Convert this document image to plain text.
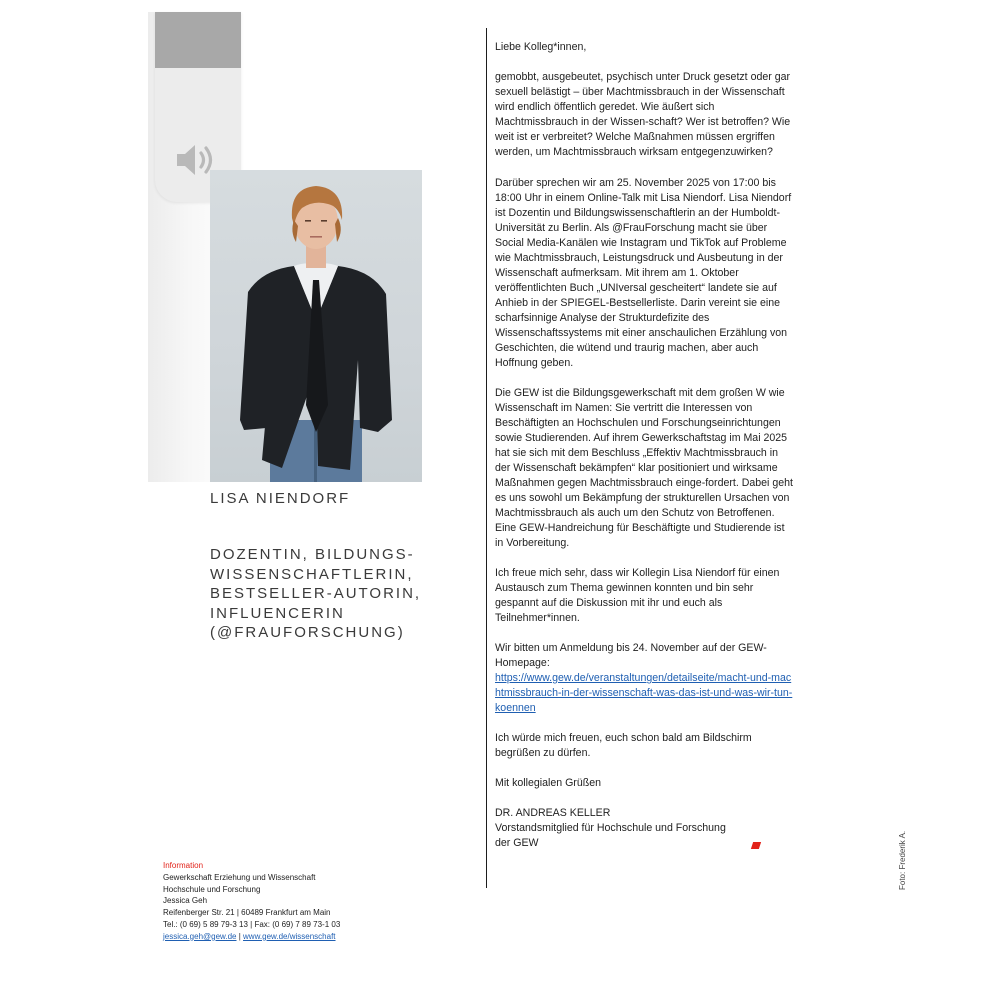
Foto: Frederik A.
LISA NIENDORF
DOZENTIN, BILDUNGS-
WISSENSCHAFTLERIN,
BESTSELLER-AUTORIN,
INFLUENCERIN
(@FRAUFORSCHUNG)

Liebe Kolleg*innen,

gemobbt, ausgebeutet, psychisch unter Druck gesetzt oder gar sexuell belästigt – über Machtmissbrauch in der Wissenschaft wird endlich öffentlich geredet. Wie äußert sich Machtmissbrauch in der Wissen-schaft? Wer ist betroffen? Wie weit ist er verbreitet? Welche Maßnahmen müssen ergriffen werden, um Machtmissbrauch wirksam entgegenzuwirken?

Darüber sprechen wir am 25. November 2025 von 17:00 bis 18:00 Uhr in einem Online-Talk mit Lisa Niendorf. Lisa Niendorf ist Dozentin und Bildungswissenschaftlerin an der Humboldt-Universität zu Berlin. Als @FrauForschung macht sie über Social Media-Kanälen wie Instagram und TikTok auf Probleme wie Machtmissbrauch, Leistungsdruck und Ausbeutung in der Wissenschaft aufmerksam. Mit ihrem am 1. Oktober veröffentlichten Buch „UNIversal gescheitert“ landete sie auf Anhieb in der SPIEGEL-Bestsellerliste. Darin vereint sie eine scharfsinnige Analyse der Strukturdefizite des Wissenschaftssystems mit einer anschaulichen Erzählung von Geschichten, die wütend und traurig machen, aber auch Hoffnung geben.

Die GEW ist die Bildungsgewerkschaft mit dem großen W wie Wissenschaft im Namen: Sie vertritt die Interessen von Beschäftigten an Hochschulen und Forschungseinrichtungen sowie Studierenden. Auf ihrem Gewerkschaftstag im Mai 2025 hat sie sich mit dem Beschluss „Effektiv Machtmissbrauch in der Wissenschaft bekämpfen“ klar positioniert und wirksame Maßnahmen gegen Machtmissbrauch einge-fordert. Dabei geht es uns sowohl um Bekämpfung der strukturellen Ursachen von Machtmissbrauch als auch um den Schutz von Betroffenen. Eine GEW-Handreichung für Beschäftigte und Studierende ist in Vorbereitung.

Ich freue mich sehr, dass wir Kollegin Lisa Niendorf für einen Austausch zum Thema gewinnen konnten und bin sehr gespannt auf die Diskussion mit ihr und euch als Teilnehmer*innen.

Wir bitten um Anmeldung bis 24. November auf der GEW-Homepage:
https://www.gew.de/veranstaltungen/detailseite/macht-und-machtmissbrauch-in-der-wissenschaft-was-das-ist-und-was-wir-tun-koennen

Ich würde mich freuen, euch schon bald am Bildschirm begrüßen zu dürfen.

Mit kollegialen Grüßen

DR. ANDREAS KELLER
Vorstandsmitglied für Hochschule und Forschung
der GEW
Information
Gewerkschaft Erziehung und Wissenschaft
Hochschule und Forschung
Jessica Geh
Reifenberger Str. 21 | 60489 Frankfurt am Main
Tel.: (0 69) 5 89 79-3 13 | Fax: (0 69) 7 89 73-1 03
jessica.geh@gew.de | www.gew.de/wissenschaft
